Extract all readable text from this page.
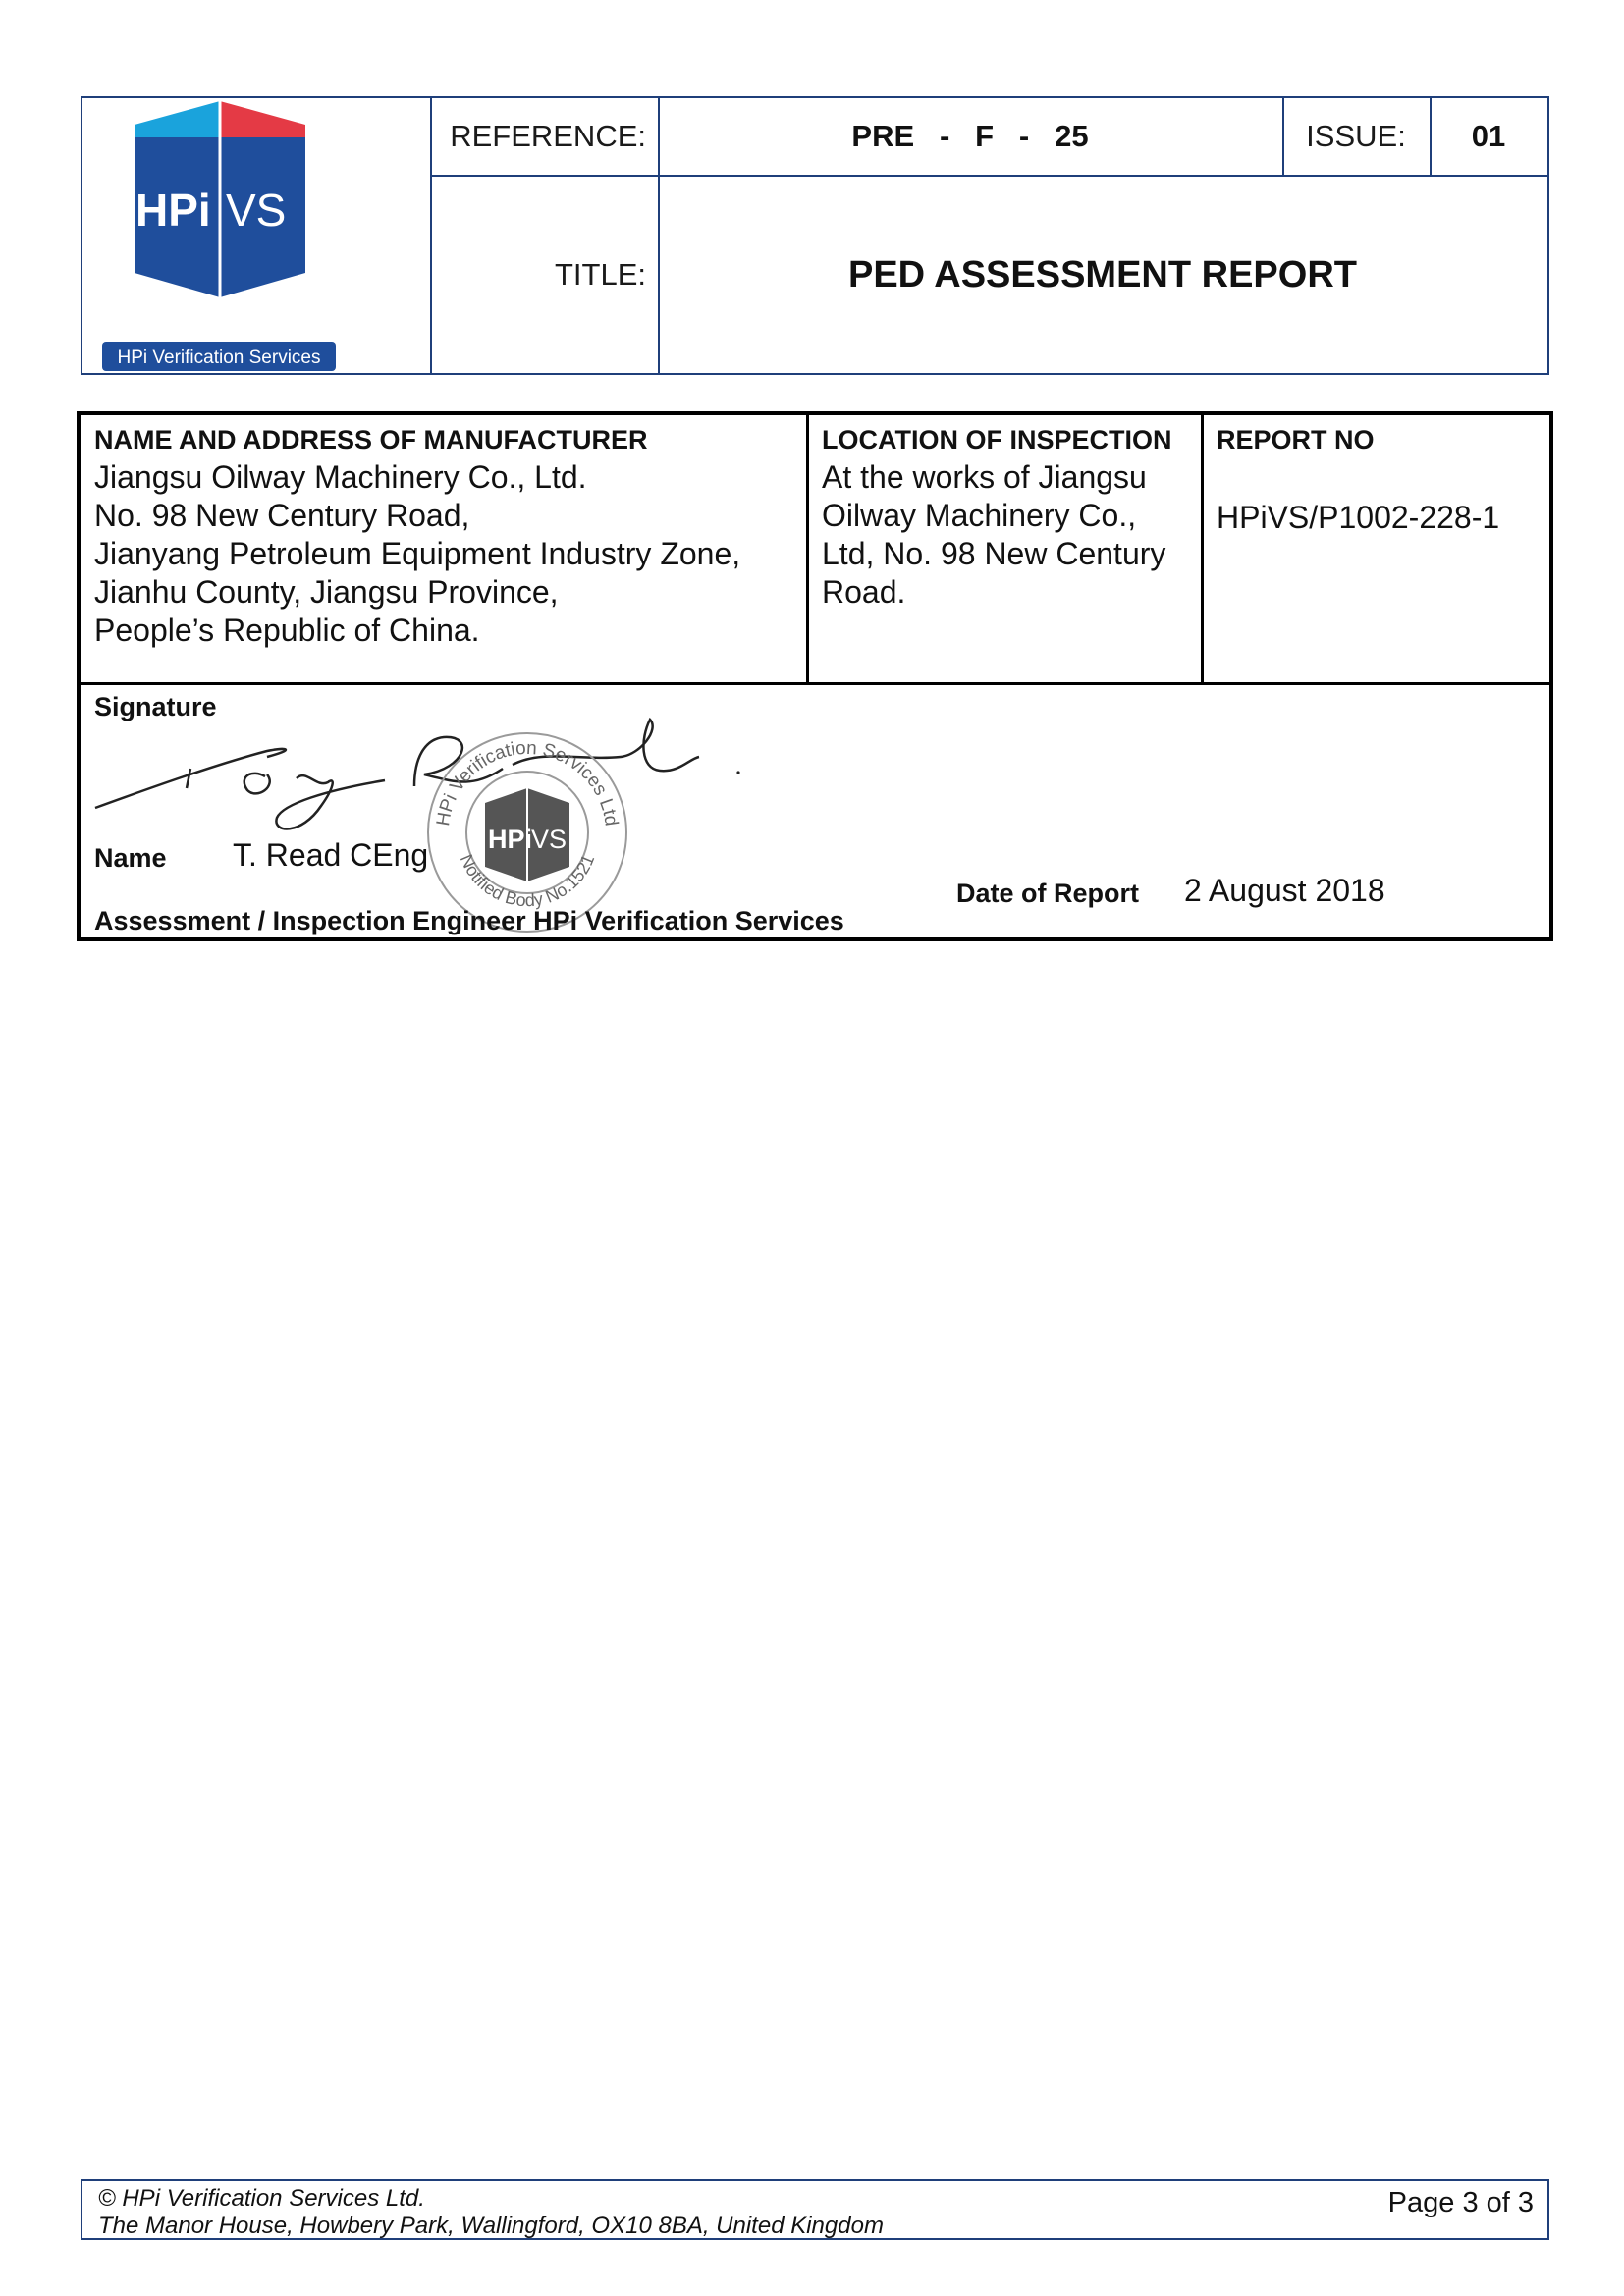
HPi VS
HPi Verification Services
REFERENCE:	PRE   -   F   -   25	ISSUE:	01
TITLE:	PED ASSESSMENT REPORT
NAME AND ADDRESS OF MANUFACTURER
Jiangsu Oilway Machinery Co., Ltd.
No. 98 New Century Road,
Jianyang Petroleum Equipment Industry Zone,
Jianhu County, Jiangsu Province,
People’s Republic of China.
LOCATION OF INSPECTION
At the works of Jiangsu
Oilway Machinery Co.,
Ltd, No. 98 New Century
Road.
REPORT NO
HPiVS/P1002-228-1
Signature
HPi Verification Services Ltd
Notified Body No.1521
HPi
VS
Name T. Read CEng
Date of Report 2 August 2018
Assessment / Inspection Engineer HPi Verification Services
© HPi Verification Services Ltd.
The Manor House, Howbery Park, Wallingford, OX10 8BA, United Kingdom
Page 3 of 3
